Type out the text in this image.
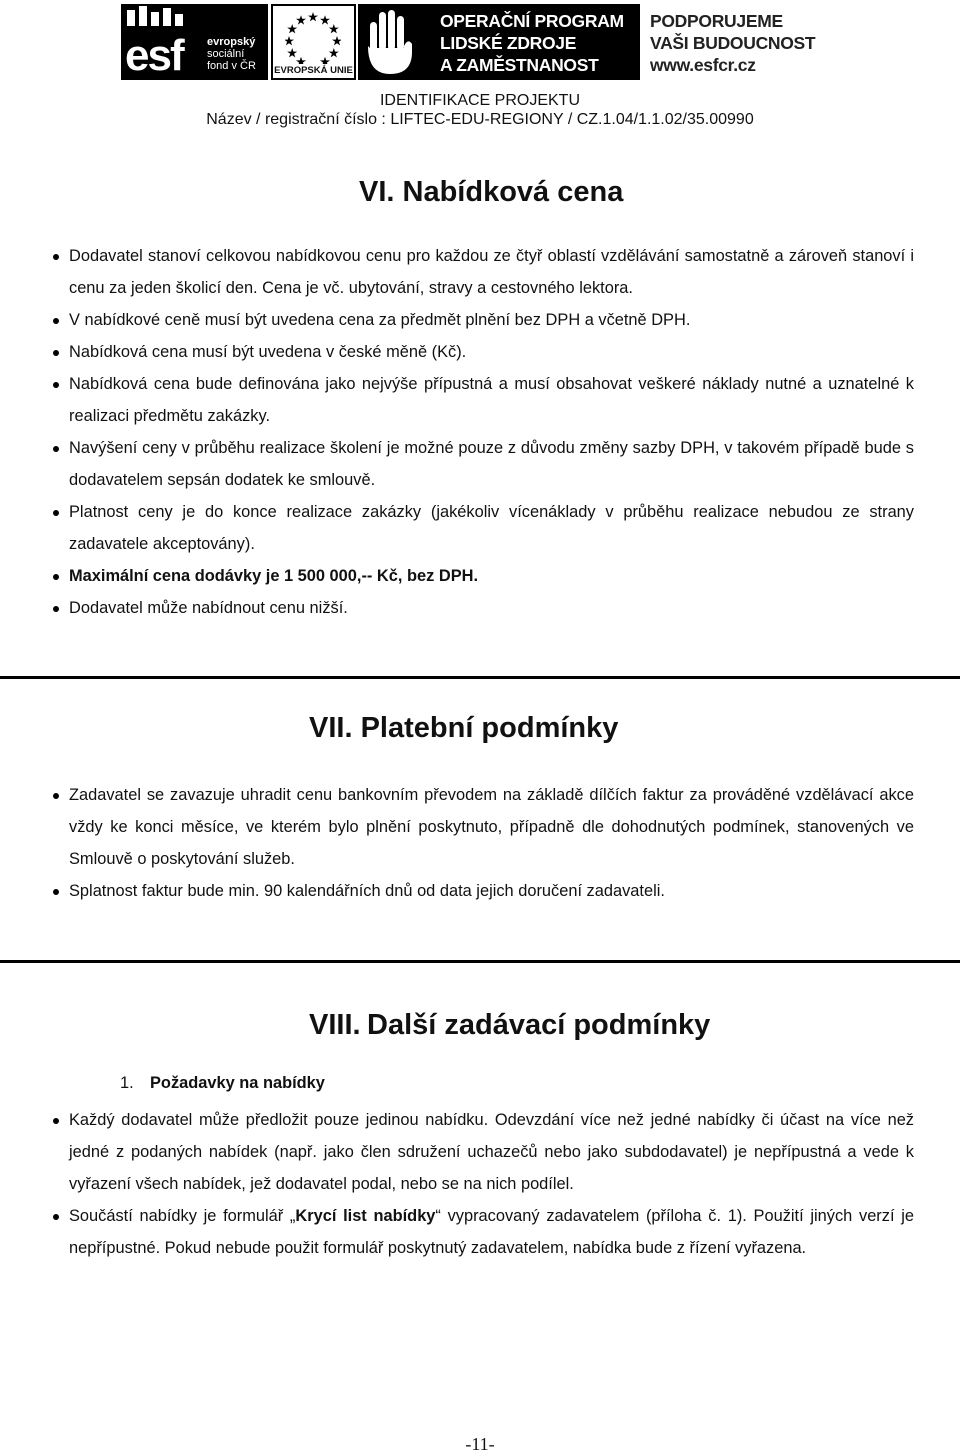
esf evropský
sociální
fond v ČR EVROPSKÁ UNIE
OPERAČNÍ PROGRAM
LIDSKÉ ZDROJE
A ZAMĚSTNANOST
PODPORUJEME
VAŠI BUDOUCNOST
www.esfcr.cz
IDENTIFIKACE PROJEKTU
Název / registrační číslo : LIFTEC-EDU-REGIONY / CZ.1.04/1.1.02/35.00990
VI. Nabídková cena
Dodavatel stanoví celkovou nabídkovou cenu pro každou ze čtyř oblastí vzdělávání samostatně a zároveň stanoví i cenu za jeden školicí den. Cena je vč. ubytování, stravy a cestovného lektora.
V nabídkové ceně musí být uvedena cena za předmět plnění bez DPH a včetně DPH.
Nabídková cena musí být uvedena v české měně (Kč).
Nabídková cena bude definována jako nejvýše přípustná a musí obsahovat veškeré náklady nutné a uznatelné k realizaci předmětu zakázky.
Navýšení ceny v průběhu realizace školení je možné pouze z důvodu změny sazby DPH, v takovém případě bude s dodavatelem sepsán dodatek ke smlouvě.
Platnost ceny je do konce realizace zakázky (jakékoliv vícenáklady v průběhu realizace nebudou ze strany zadavatele akceptovány).
Maximální cena dodávky je 1 500 000,-- Kč, bez DPH.
Dodavatel může nabídnout cenu nižší.
VII. Platební podmínky
Zadavatel se zavazuje uhradit cenu bankovním převodem na základě dílčích faktur za prováděné vzdělávací akce vždy ke konci měsíce, ve kterém bylo plnění poskytnuto, případně dle dohodnutých podmínek, stanovených ve Smlouvě o poskytování služeb.
Splatnost faktur bude min. 90 kalendářních dnů od data jejich doručení zadavateli.
VIII. Další zadávací podmínky
1. Požadavky na nabídky
Každý dodavatel může předložit pouze jedinou nabídku. Odevzdání více než jedné nabídky či účast na více než jedné z podaných nabídek (např. jako člen sdružení uchazečů nebo jako subdodavatel) je nepřípustná a vede k vyřazení všech nabídek, jež dodavatel podal, nebo se na nich podílel.
Součástí nabídky je formulář „Krycí list nabídky“ vypracovaný zadavatelem (příloha č. 1). Použití jiných verzí je nepřípustné. Pokud nebude použit formulář poskytnutý zadavatelem, nabídka bude z řízení vyřazena.
-11-
